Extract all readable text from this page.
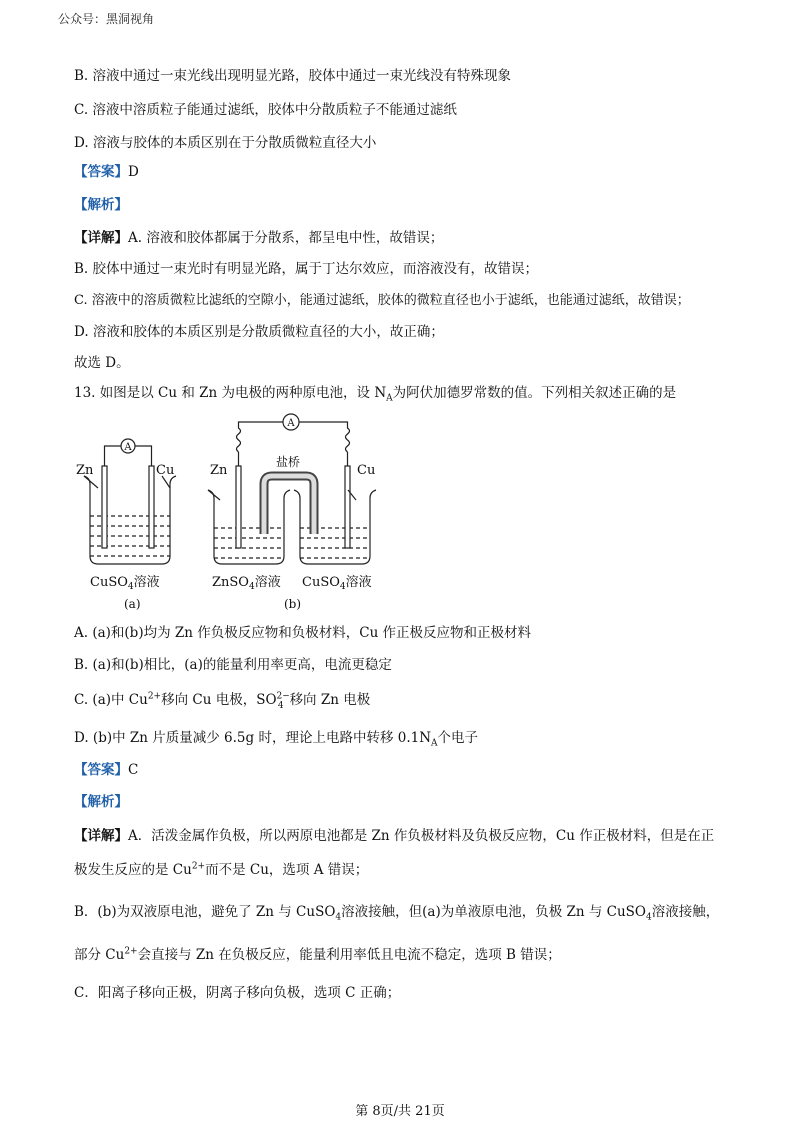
公众号：黑洞视角
B. 溶液中通过一束光线出现明显光路，胶体中通过一束光线没有特殊现象
C. 溶液中溶质粒子能通过滤纸，胶体中分散质粒子不能通过滤纸
D. 溶液与胶体的本质区别在于分散质微粒直径大小
【答案】D
【解析】
【详解】A. 溶液和胶体都属于分散系，都呈电中性，故错误；
B. 胶体中通过一束光时有明显光路，属于丁达尔效应，而溶液没有，故错误；
C. 溶液中的溶质微粒比滤纸的空隙小，能通过滤纸，胶体的微粒直径也小于滤纸，也能通过滤纸，故错误；
D. 溶液和胶体的本质区别是分散质微粒直径的大小，故正确；
故选 D。
13. 如图是以 Cu 和 Zn 为电极的两种原电池，设 $N_A$为阿伏加德罗常数的值。下列相关叙述正确的是
A
Zn	Cu
CuSO$_4$溶液
(a)
A
Zn	Cu
盐桥
ZnSO$_4$溶液 CuSO$_4$溶液
(b)
A. (a)和(b)均为 Zn 作负极反应物和负极材料，Cu 作正极反应物和正极材料
B. (a)和(b)相比，(a)的能量利用率更高，电流更稳定
C. (a)中 $Cu^{2+}$移向 Cu 电极，$SO^{2-}_4$ 移向 Zn 电极
D. (b)中 Zn 片质量减少 6.5g 时，理论上电路中转移 $0.1N_A$个电子
【答案】C
【解析】
【详解】A．活泼金属作负极，所以两原电池都是 Zn 作负极材料及负极反应物，Cu 作正极材料，但是在正
极发生反应的是 $Cu^{2+}$而不是 Cu，选项 A 错误；
B．(b)为双液原电池，避免了 Zn 与 CuSO$_4$溶液接触，但(a)为单液原电池，负极 Zn 与 CuSO$_4$溶液接触，
部分 $Cu^{2+}$会直接与 Zn 在负极反应，能量利用率低且电流不稳定，选项 B 错误；
C．阳离子移向正极，阴离子移向负极，选项 C 正确；
第 8页/共 21页
